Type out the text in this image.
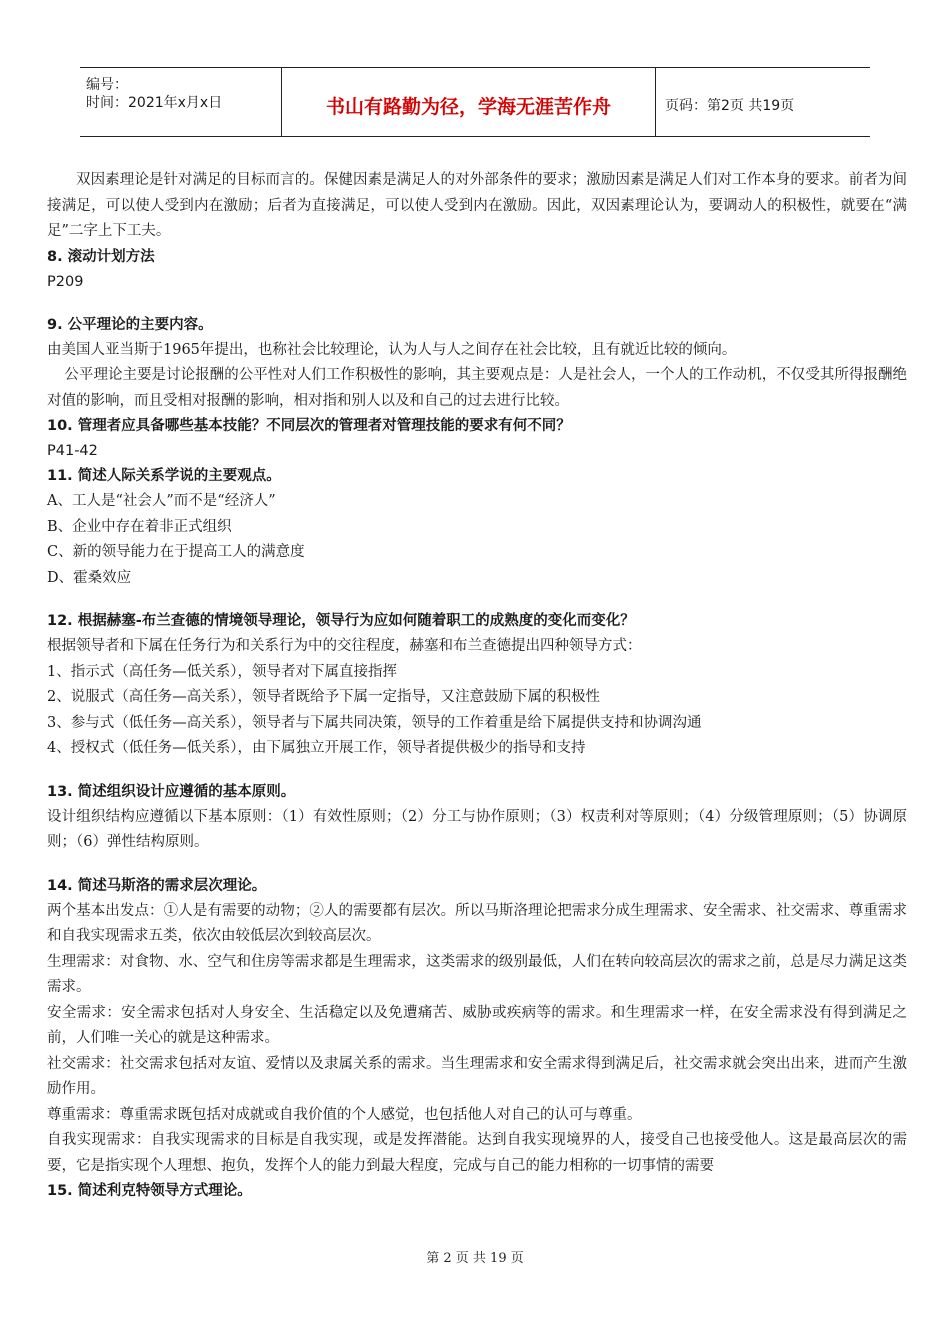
编号：
时间：2021年x月x日	书山有路勤为径，学海无涯苦作舟	页码：第2页 共19页

双因素理论是针对满足的目标而言的。保健因素是满足人的对外部条件的要求；激励因素是满足人们对工作本身的要求。前者为间接满足，可以使人受到内在激励；后者为直接满足，可以使人受到内在激励。因此，双因素理论认为，要调动人的积极性，就要在“满足”二字上下工夫。

8. 滚动计划方法

P209

9. 公平理论的主要内容。

由美国人亚当斯于1965年提出，也称社会比较理论，认为人与人之间存在社会比较，且有就近比较的倾向。

公平理论主要是讨论报酬的公平性对人们工作积极性的影响，其主要观点是：人是社会人，一个人的工作动机，不仅受其所得报酬绝对值的影响，而且受相对报酬的影响，相对指和别人以及和自己的过去进行比较。

10. 管理者应具备哪些基本技能？不同层次的管理者对管理技能的要求有何不同？

P41-42

11. 简述人际关系学说的主要观点。

A、工人是“社会人”而不是“经济人”

B、企业中存在着非正式组织

C、新的领导能力在于提高工人的满意度

D、霍桑效应

12. 根据赫塞-布兰查德的情境领导理论，领导行为应如何随着职工的成熟度的变化而变化？

根据领导者和下属在任务行为和关系行为中的交往程度，赫塞和布兰查德提出四种领导方式：

1、指示式（高任务—低关系），领导者对下属直接指挥

2、说服式（高任务—高关系），领导者既给予下属一定指导，又注意鼓励下属的积极性

3、参与式（低任务—高关系），领导者与下属共同决策，领导的工作着重是给下属提供支持和协调沟通

4、授权式（低任务—低关系），由下属独立开展工作，领导者提供极少的指导和支持

13. 简述组织设计应遵循的基本原则。

设计组织结构应遵循以下基本原则：（1）有效性原则；（2）分工与协作原则；（3）权责利对等原则；（4）分级管理原则；（5）协调原则；（6）弹性结构原则。

14. 简述马斯洛的需求层次理论。

两个基本出发点：①人是有需要的动物；②人的需要都有层次。所以马斯洛理论把需求分成生理需求、安全需求、社交需求、尊重需求和自我实现需求五类，依次由较低层次到较高层次。

生理需求：对食物、水、空气和住房等需求都是生理需求，这类需求的级别最低，人们在转向较高层次的需求之前，总是尽力满足这类需求。

安全需求：安全需求包括对人身安全、生活稳定以及免遭痛苦、威胁或疾病等的需求。和生理需求一样，在安全需求没有得到满足之前，人们唯一关心的就是这种需求。

社交需求：社交需求包括对友谊、爱情以及隶属关系的需求。当生理需求和安全需求得到满足后，社交需求就会突出出来，进而产生激励作用。

尊重需求：尊重需求既包括对成就或自我价值的个人感觉，也包括他人对自己的认可与尊重。

自我实现需求：自我实现需求的目标是自我实现，或是发挥潜能。达到自我实现境界的人，接受自己也接受他人。这是最高层次的需要，它是指实现个人理想、抱负，发挥个人的能力到最大程度，完成与自己的能力相称的一切事情的需要

15. 简述利克特领导方式理论。

第 2 页 共 19 页
